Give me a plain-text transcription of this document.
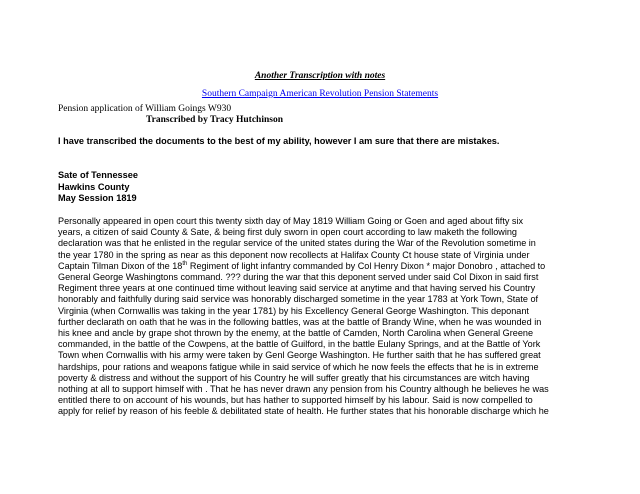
Another Transcription with notes
Southern Campaign American Revolution Pension Statements
Pension application of William Goings W930
Transcribed by Tracy Hutchinson
I have transcribed the documents to the best of my ability, however I am sure that there are mistakes.
Sate of Tennessee
Hawkins County
May Session 1819
Personally appeared in open court this twenty sixth day of May 1819 William Going or Goen and aged about fifty six
years, a citizen of said County & Sate, & being first duly sworn in open court according to law maketh the following
declaration was that he enlisted in the regular service of the united states during the War of the Revolution sometime in
the year 1780 in the spring as near as this deponent now recollects at Halifax County Ct house state of Virginia under
Captain Tilman Dixon of the 18th Regiment of light infantry commanded by Col Henry Dixon * major Donobro , attached to
General George Washingtons command. ??? during the war that this deponent served under said Col Dixon in said first
Regiment three years at one continued time without leaving said service at anytime and that having served his Country
honorably and faithfully during said service was honorably discharged sometime in the year 1783 at York Town, State of
Virginia (when Cornwallis was taking in the year 1781) by his Excellency General George Washington. This deponant
further declarath on oath that he was in the following battles, was at the battle of Brandy Wine, when he was wounded in
his knee and ancle by grape shot thrown by the enemy, at the battle of Camden, North Carolina when General Greene
commanded, in the battle of the Cowpens, at the battle of Guilford, in the battle Eulany Springs, and at the Battle of York
Town when Cornwallis with his army were taken by Genl George Washington. He further saith that he has suffered great
hardships, pour rations and weapons fatigue while in said service of which he now feels the effects that he is in extreme
poverty & distress and without the support of his Country he will suffer greatly that his circumstances are witch having
nothing at all to support himself with . That he has never drawn any pension from his Country although he believes he was
entitled there to on account of his wounds, but has hather to supported himself by his labour. Said is now compelled to
apply for relief by reason of his feeble & debilitated state of health. He further states that his honorable discharge which he
